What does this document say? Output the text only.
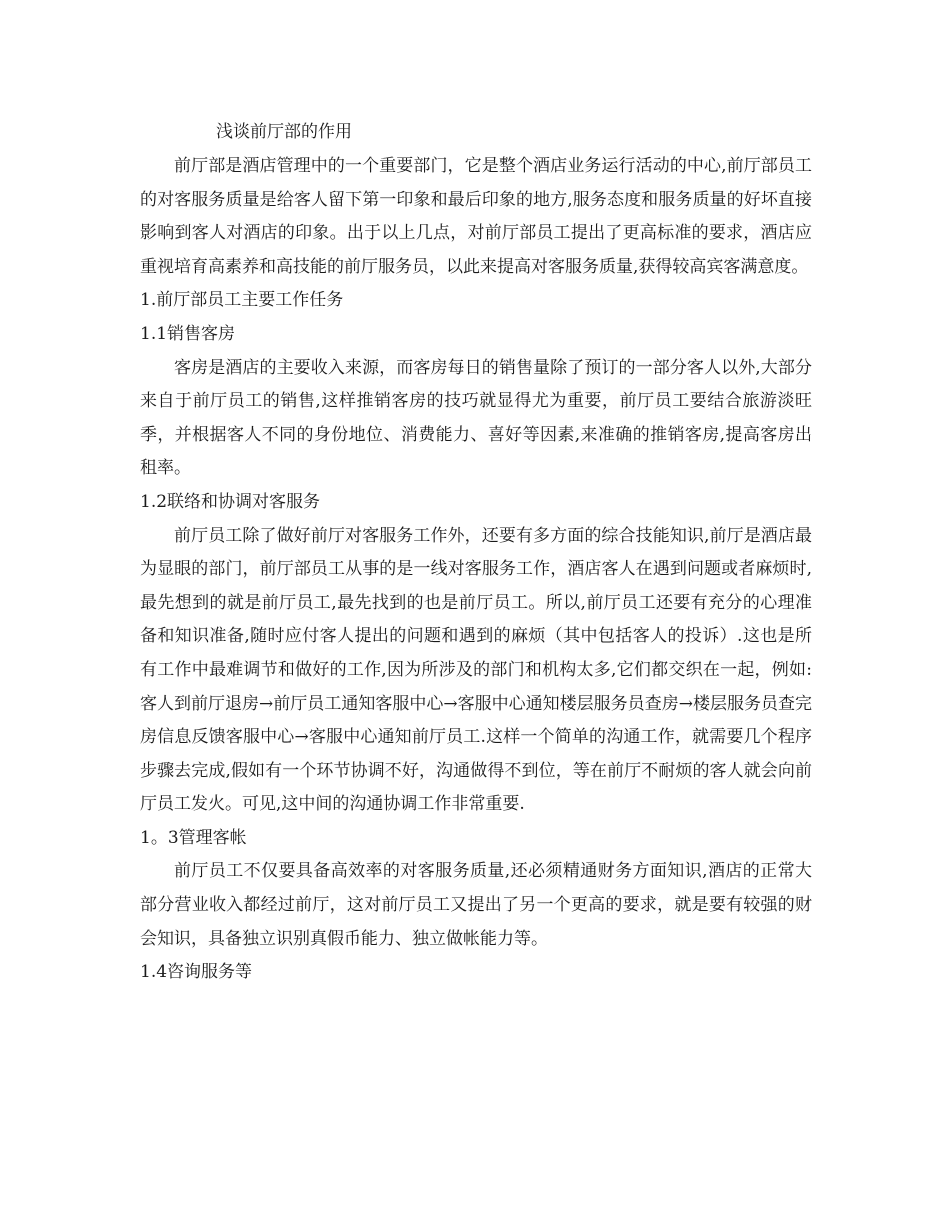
浅谈前厅部的作用

前厅部是酒店管理中的一个重要部门，它是整个酒店业务运行活动的中心,前厅部员工的对客服务质量是给客人留下第一印象和最后印象的地方,服务态度和服务质量的好坏直接影响到客人对酒店的印象。出于以上几点，对前厅部员工提出了更高标准的要求，酒店应重视培育高素养和高技能的前厅服务员，以此来提高对客服务质量,获得较高宾客满意度。

1.前厅部员工主要工作任务

1.1销售客房

客房是酒店的主要收入来源，而客房每日的销售量除了预订的一部分客人以外,大部分来自于前厅员工的销售,这样推销客房的技巧就显得尤为重要，前厅员工要结合旅游淡旺季，并根据客人不同的身份地位、消费能力、喜好等因素,来准确的推销客房,提高客房出租率。

1.2联络和协调对客服务

前厅员工除了做好前厅对客服务工作外，还要有多方面的综合技能知识,前厅是酒店最为显眼的部门，前厅部员工从事的是一线对客服务工作，酒店客人在遇到问题或者麻烦时,最先想到的就是前厅员工,最先找到的也是前厅员工。所以,前厅员工还要有充分的心理准备和知识准备,随时应付客人提出的问题和遇到的麻烦（其中包括客人的投诉）.这也是所有工作中最难调节和做好的工作,因为所涉及的部门和机构太多,它们都交织在一起，例如:客人到前厅退房→前厅员工通知客服中心→客服中心通知楼层服务员查房→楼层服务员查完房信息反馈客服中心→客服中心通知前厅员工.这样一个简单的沟通工作，就需要几个程序步骤去完成,假如有一个环节协调不好，沟通做得不到位，等在前厅不耐烦的客人就会向前厅员工发火。可见,这中间的沟通协调工作非常重要.

1。3管理客帐

前厅员工不仅要具备高效率的对客服务质量,还必须精通财务方面知识,酒店的正常大部分营业收入都经过前厅，这对前厅员工又提出了另一个更高的要求，就是要有较强的财会知识，具备独立识别真假币能力、独立做帐能力等。

1.4咨询服务等
